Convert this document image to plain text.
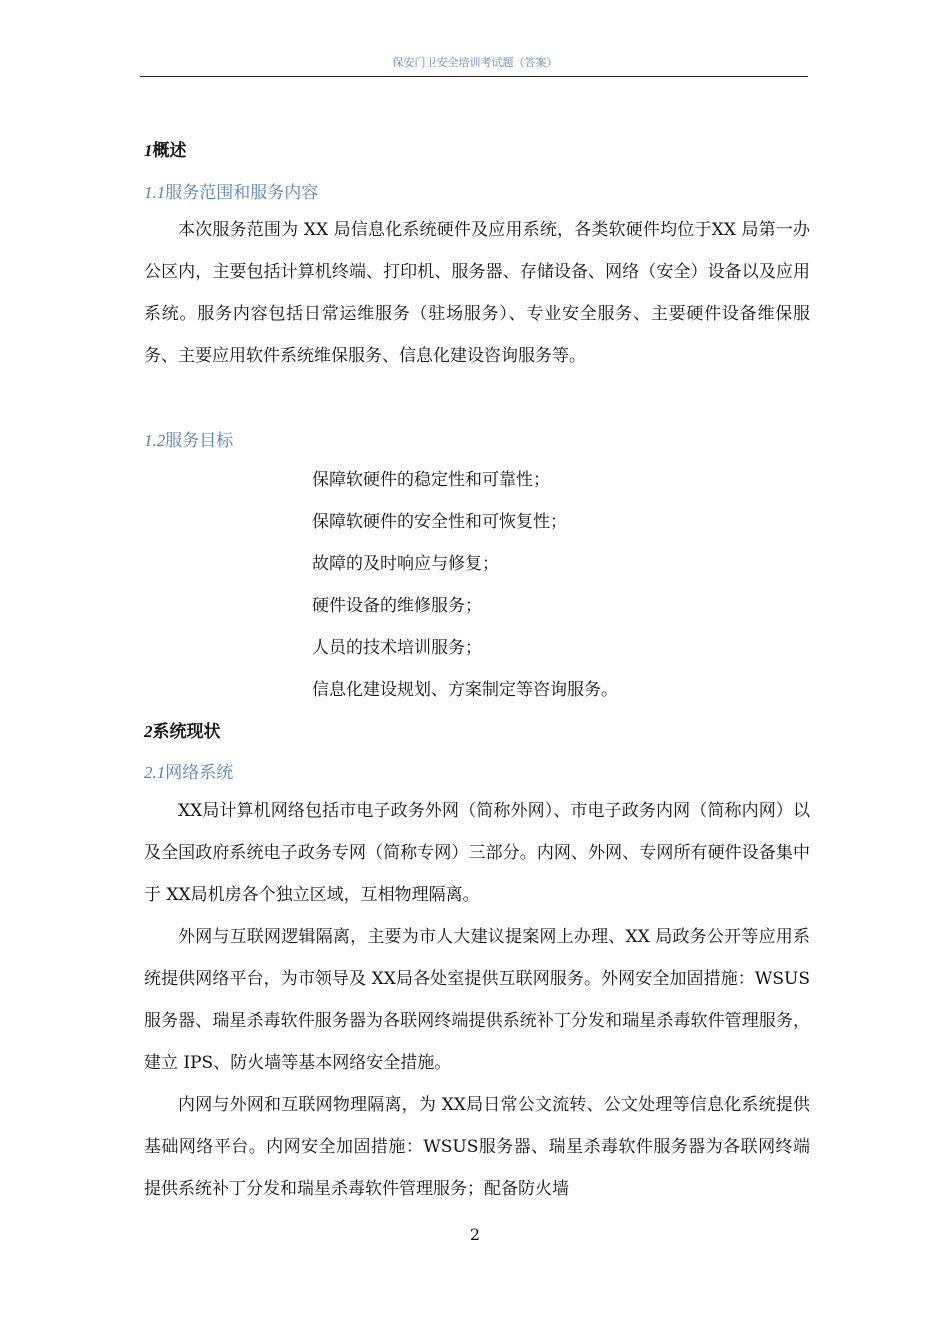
保安门卫安全培训考试题（答案）
1概述
1.1服务范围和服务内容
本次服务范围为 XX 局信息化系统硬件及应用系统，各类软硬件均位于XX 局第一办公区内，主要包括计算机终端、打印机、服务器、存储设备、网络（安全）设备以及应用系统。服务内容包括日常运维服务（驻场服务）、专业安全服务、主要硬件设备维保服务、主要应用软件系统维保服务、信息化建设咨询服务等。
1.2服务目标
保障软硬件的稳定性和可靠性；
保障软硬件的安全性和可恢复性；
故障的及时响应与修复；
硬件设备的维修服务；
人员的技术培训服务；
信息化建设规划、方案制定等咨询服务。
2系统现状
2.1网络系统
XX局计算机网络包括市电子政务外网（简称外网）、市电子政务内网（简称内网）以及全国政府系统电子政务专网（简称专网）三部分。内网、外网、专网所有硬件设备集中于 XX局机房各个独立区域，互相物理隔离。
外网与互联网逻辑隔离，主要为市人大建议提案网上办理、XX 局政务公开等应用系统提供网络平台，为市领导及 XX局各处室提供互联网服务。外网安全加固措施：WSUS服务器、瑞星杀毒软件服务器为各联网终端提供系统补丁分发和瑞星杀毒软件管理服务，建立 IPS、防火墙等基本网络安全措施。
内网与外网和互联网物理隔离，为 XX局日常公文流转、公文处理等信息化系统提供基础网络平台。内网安全加固措施：WSUS服务器、瑞星杀毒软件服务器为各联网终端提供系统补丁分发和瑞星杀毒软件管理服务；配备防火墙
2
